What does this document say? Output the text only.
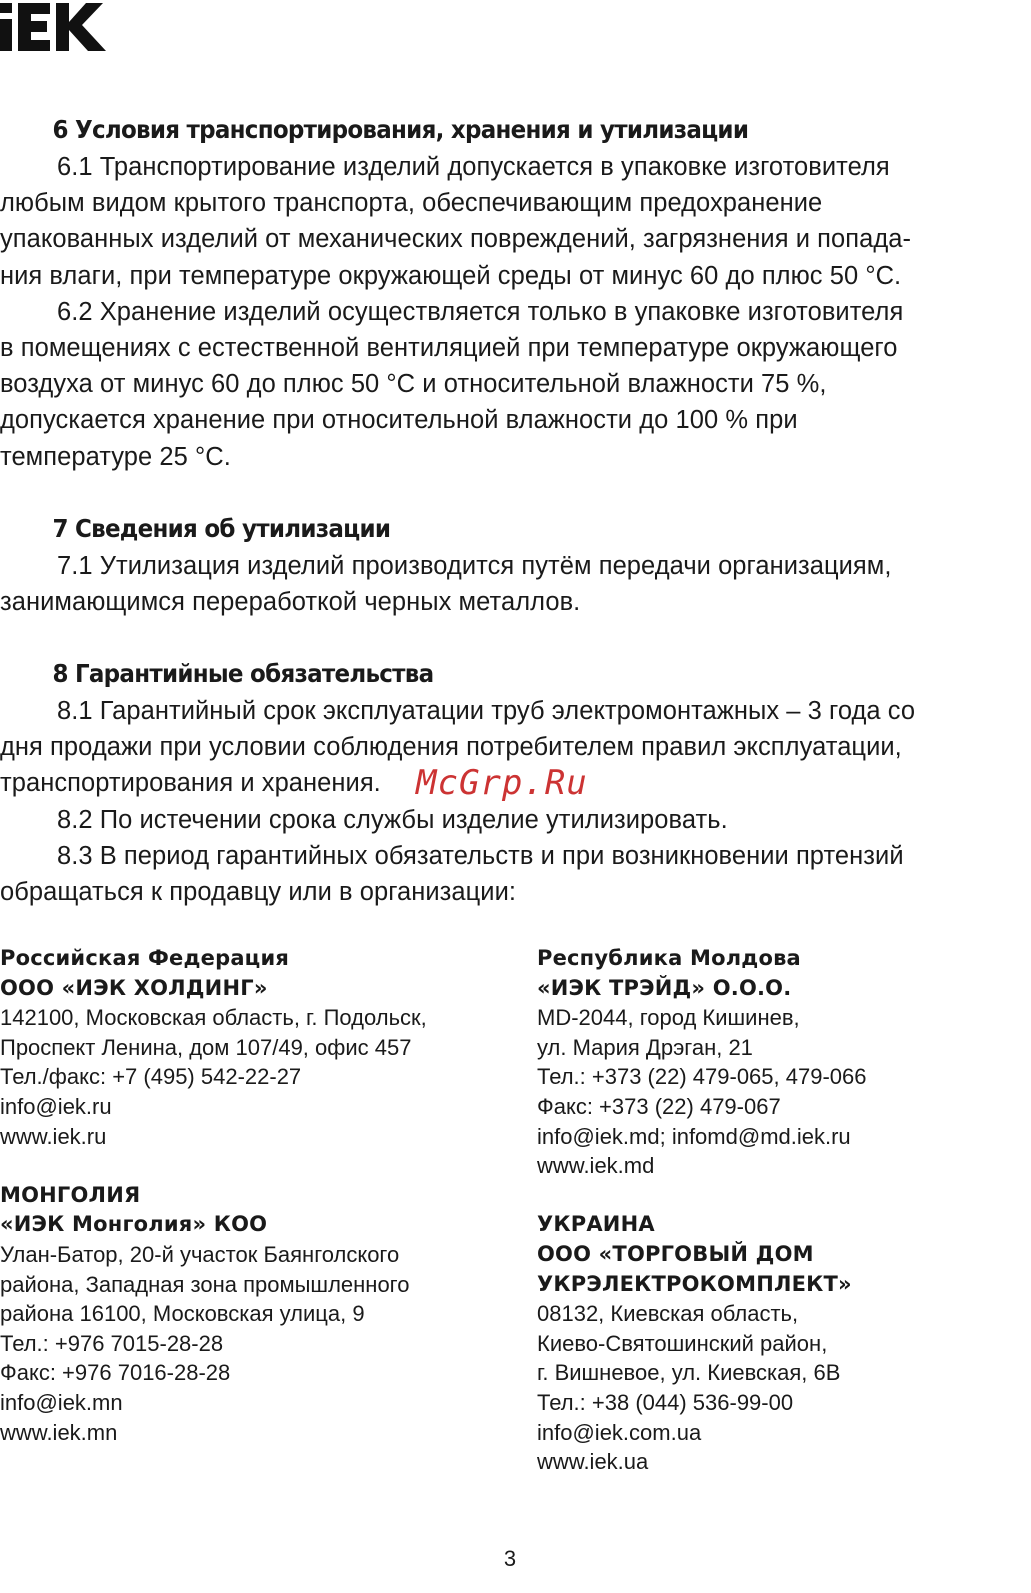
6 Условия транспортирования, хранения и утилизации
6.1 Транспортирование изделий допускается в упаковке изготовителя
любым видом крытого транспорта, обеспечивающим предохранение
упакованных изделий от механических повреждений, загрязнения и попада-
ния влаги, при температуре окружающей среды от минус 60 до плюс 50 °С.
6.2 Хранение изделий осуществляется только в упаковке изготовителя
в помещениях с естественной вентиляцией при температуре окружающего
воздуха от минус 60 до плюс 50 °С и относительной влажности 75 %,
допускается хранение при относительной влажности до 100 % при
температуре 25 °С.
7 Сведения об утилизации
7.1 Утилизация изделий производится путём передачи организациям,
занимающимся переработкой черных металлов.
8 Гарантийные обязательства
8.1 Гарантийный срок эксплуатации труб электромонтажных – 3 года со
дня продажи при условии соблюдения потребителем правил эксплуатации,
транспортирования и хранения.
8.2 По истечении срока службы изделие утилизировать.
8.3 В период гарантийных обязательств и при возникновении пртензий
обращаться к продавцу или в организации:
McGrp.Ru
Российская Федерация
ООО «ИЭК ХОЛДИНГ»
142100, Московская область, г. Подольск,
Проспект Ленина, дом 107/49, офис 457
Тел./факс: +7 (495) 542-22-27
info@iek.ru
www.iek.ru
МОНГОЛИЯ
«ИЭК Монголия» КОО
Улан-Батор, 20-й участок Баянголского
района, Западная зона промышленного
района 16100, Московская улица, 9
Тел.: +976 7015-28-28
Факс: +976 7016-28-28
info@iek.mn
www.iek.mn
Республика Молдова
«ИЭК ТРЭЙД» О.О.О.
MD-2044, город Кишинев,
ул. Мария Дрэган, 21
Тел.: +373 (22) 479-065, 479-066
Факс: +373 (22) 479-067
info@iek.md; infomd@md.iek.ru
www.iek.md
УКРАИНА
ООО «ТОРГОВЫЙ ДОМ
УКРЭЛЕКТРОКОМПЛЕКТ»
08132, Киевская область,
Киево-Святошинский район,
г. Вишневое, ул. Киевская, 6В
Тел.: +38 (044) 536-99-00
info@iek.com.ua
www.iek.ua
3
